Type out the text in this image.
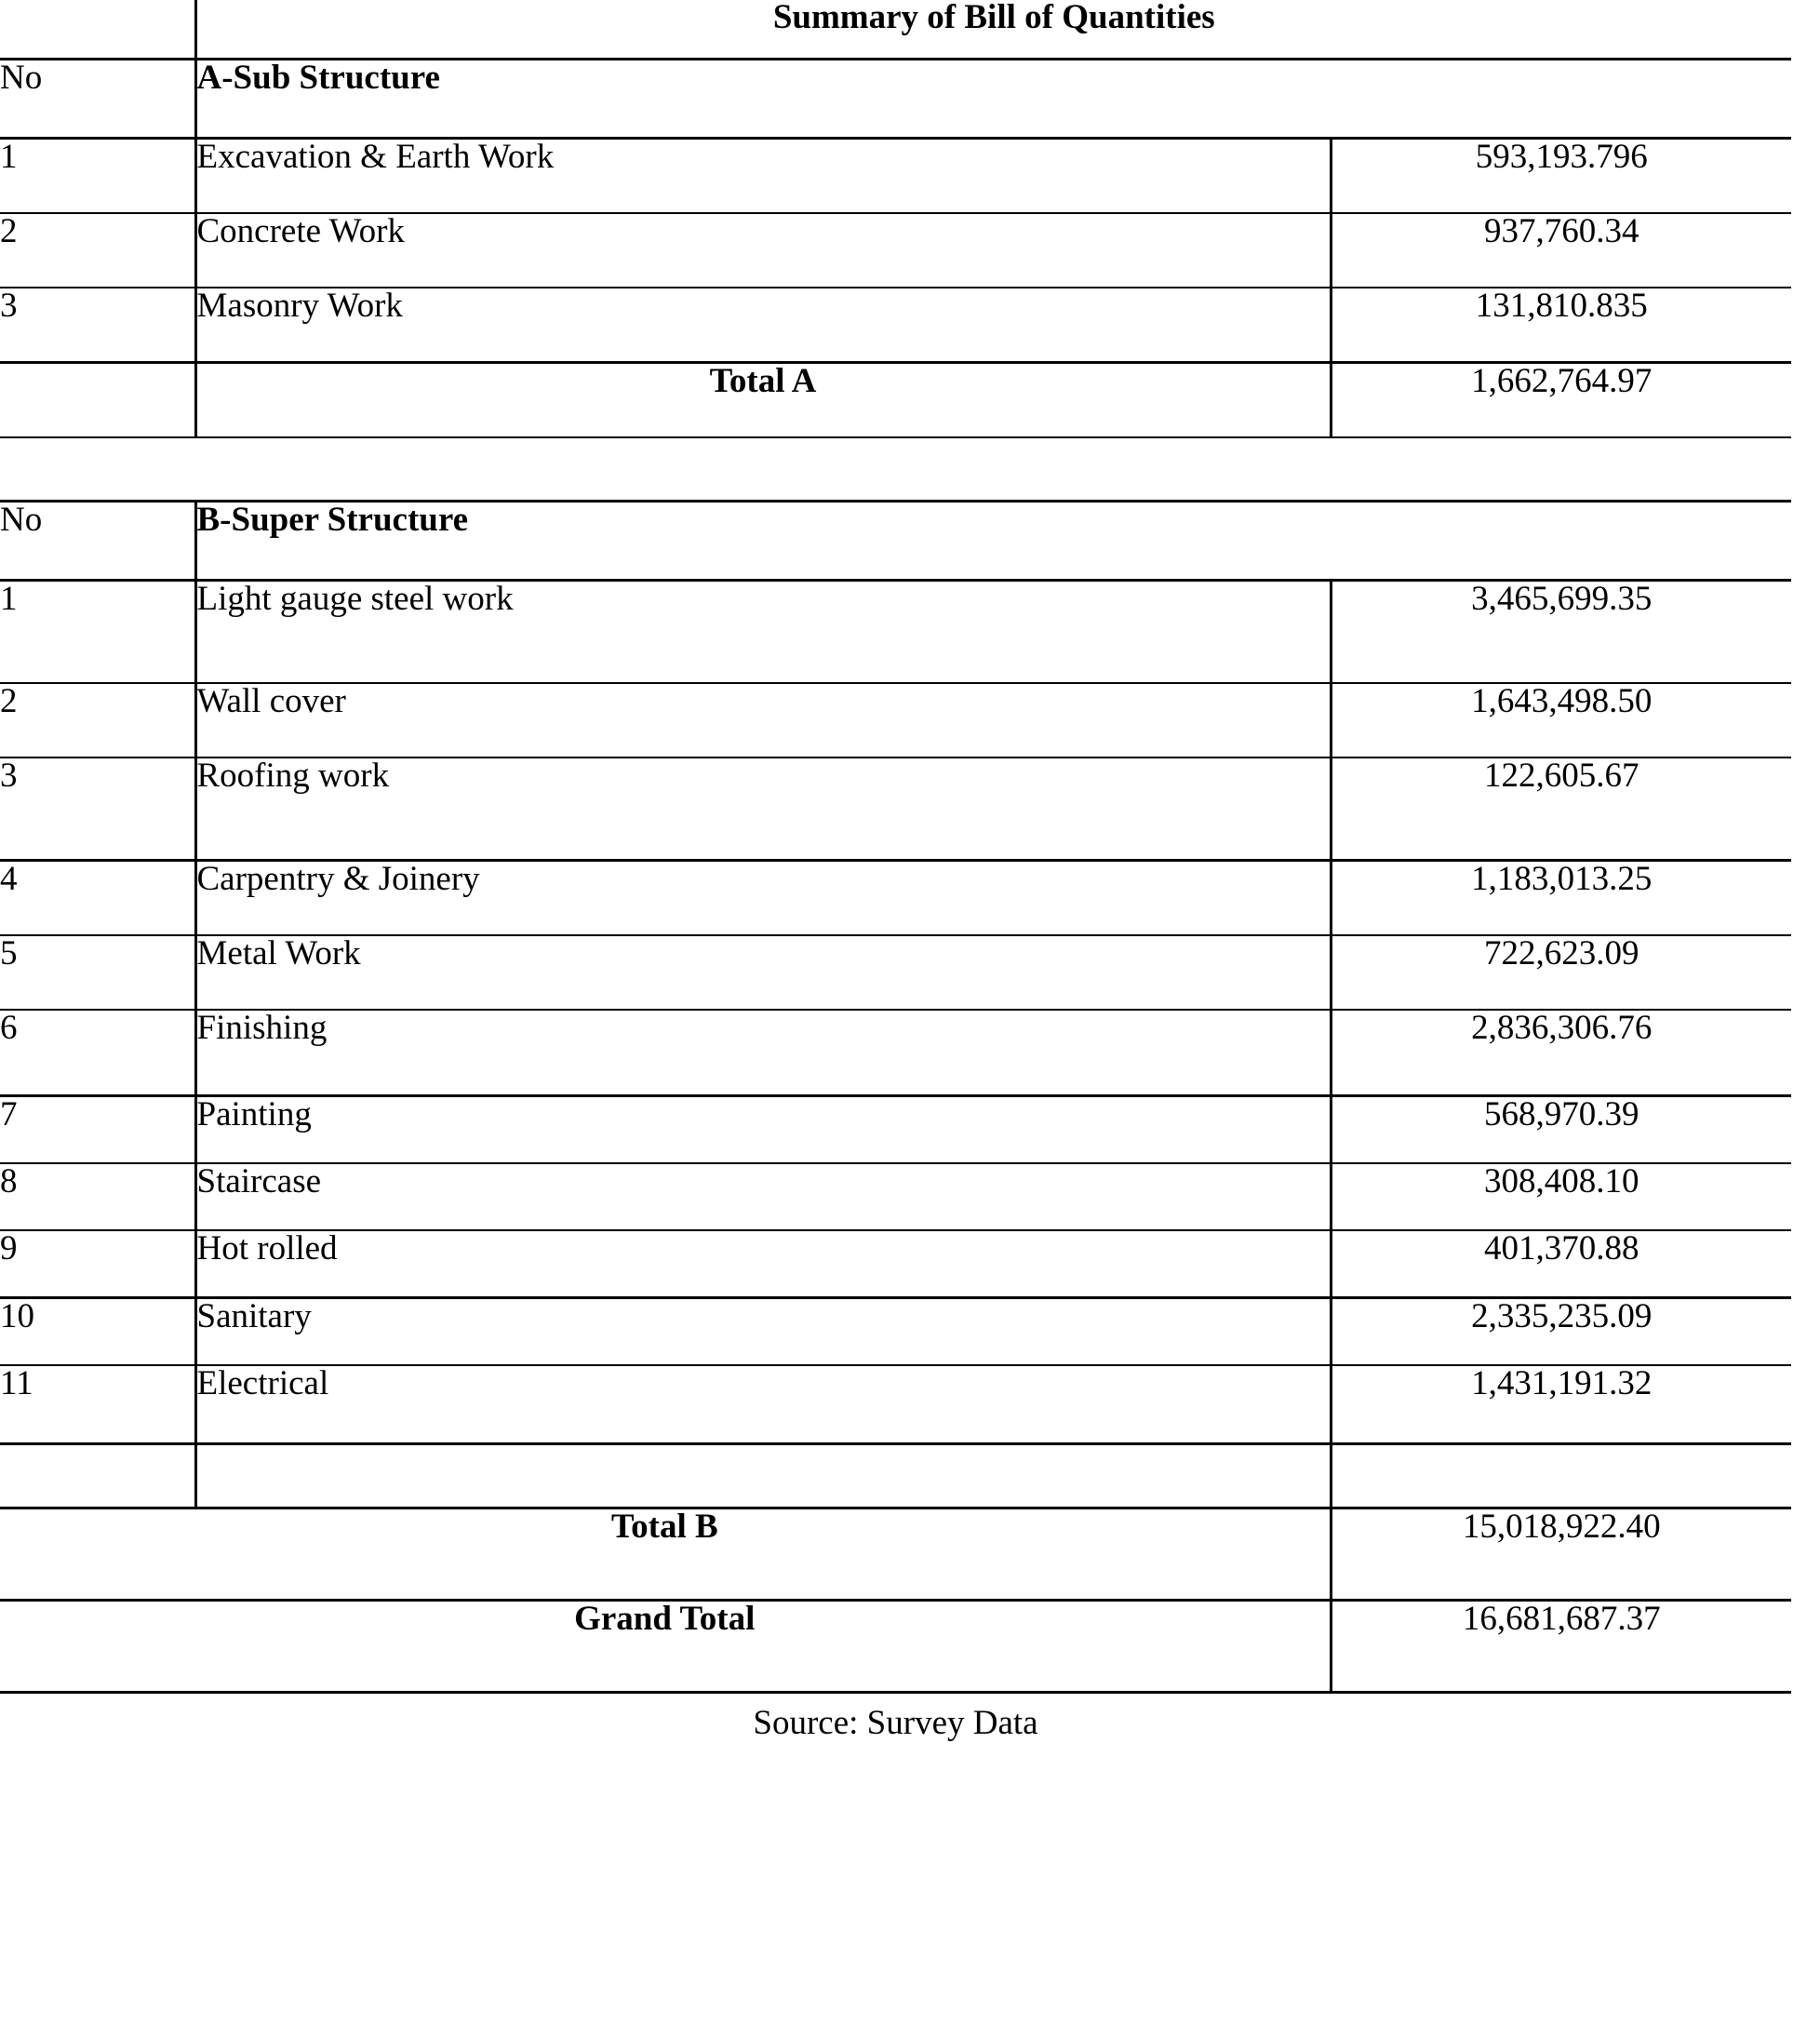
	Summary of Bill of Quantities	
No	A-Sub Structure	
1	Excavation & Earth Work	593,193.796
2	Concrete Work	937,760.34
3	Masonry Work	131,810.835
	Total A	1,662,764.97

No	B-Super Structure	
1	Light gauge steel work	3,465,699.35
2	Wall cover	1,643,498.50
3	Roofing work	122,605.67
4	Carpentry & Joinery	1,183,013.25
5	Metal Work	722,623.09
6	Finishing	2,836,306.76
7	Painting	568,970.39
8	Staircase	308,408.10
9	Hot rolled	401,370.88
10	Sanitary	2,335,235.09
11	Electrical	1,431,191.32

Total B		15,018,922.40
Grand Total		16,681,687.37
Source: Survey Data
